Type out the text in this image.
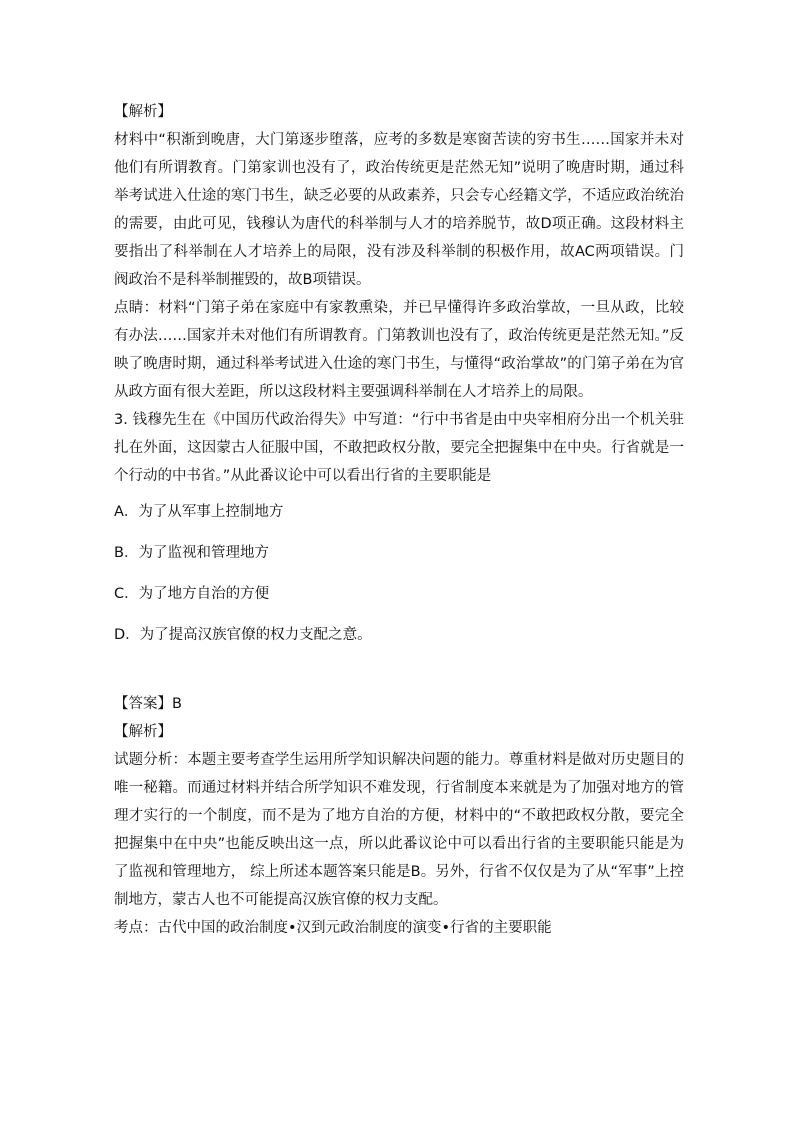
【解析】

材料中“积渐到晚唐，大门第逐步堕落，应考的多数是寒窗苦读的穷书生……国家并未对他们有所谓教育。门第家训也没有了，政治传统更是茫然无知”说明了晚唐时期，通过科举考试进入仕途的寒门书生，缺乏必要的从政素养，只会专心经籍文学，不适应政治统治的需要，由此可见，钱穆认为唐代的科举制与人才的培养脱节，故D项正确。这段材料主要指出了科举制在人才培养上的局限，没有涉及科举制的积极作用，故AC两项错误。门阀政治不是科举制摧毁的，故B项错误。

点睛：材料“门第子弟在家庭中有家教熏染，并已早懂得许多政治掌故，一旦从政，比较有办法……国家并未对他们有所谓教育。门第教训也没有了，政治传统更是茫然无知。”反映了晚唐时期，通过科举考试进入仕途的寒门书生，与懂得“政治掌故”的门第子弟在为官从政方面有很大差距，所以这段材料主要强调科举制在人才培养上的局限。

3. 钱穆先生在《中国历代政治得失》中写道：“行中书省是由中央宰相府分出一个机关驻扎在外面，这因蒙古人征服中国，不敢把政权分散，要完全把握集中在中央。行省就是一个行动的中书省。”从此番议论中可以看出行省的主要职能是

A．为了从军事上控制地方

B．为了监视和管理地方

C．为了地方自治的方便

D．为了提高汉族官僚的权力支配之意。

【答案】B

【解析】

试题分析：本题主要考查学生运用所学知识解决问题的能力。尊重材料是做对历史题目的唯一秘籍。而通过材料并结合所学知识不难发现，行省制度本来就是为了加强对地方的管理才实行的一个制度，而不是为了地方自治的方便，材料中的“不敢把政权分散，要完全把握集中在中央”也能反映出这一点，所以此番议论中可以看出行省的主要职能只能是为了监视和管理地方， 综上所述本题答案只能是B。另外，行省不仅仅是为了从“军事”上控制地方，蒙古人也不可能提高汉族官僚的权力支配。

考点：古代中国的政治制度•汉到元政治制度的演变•行省的主要职能
